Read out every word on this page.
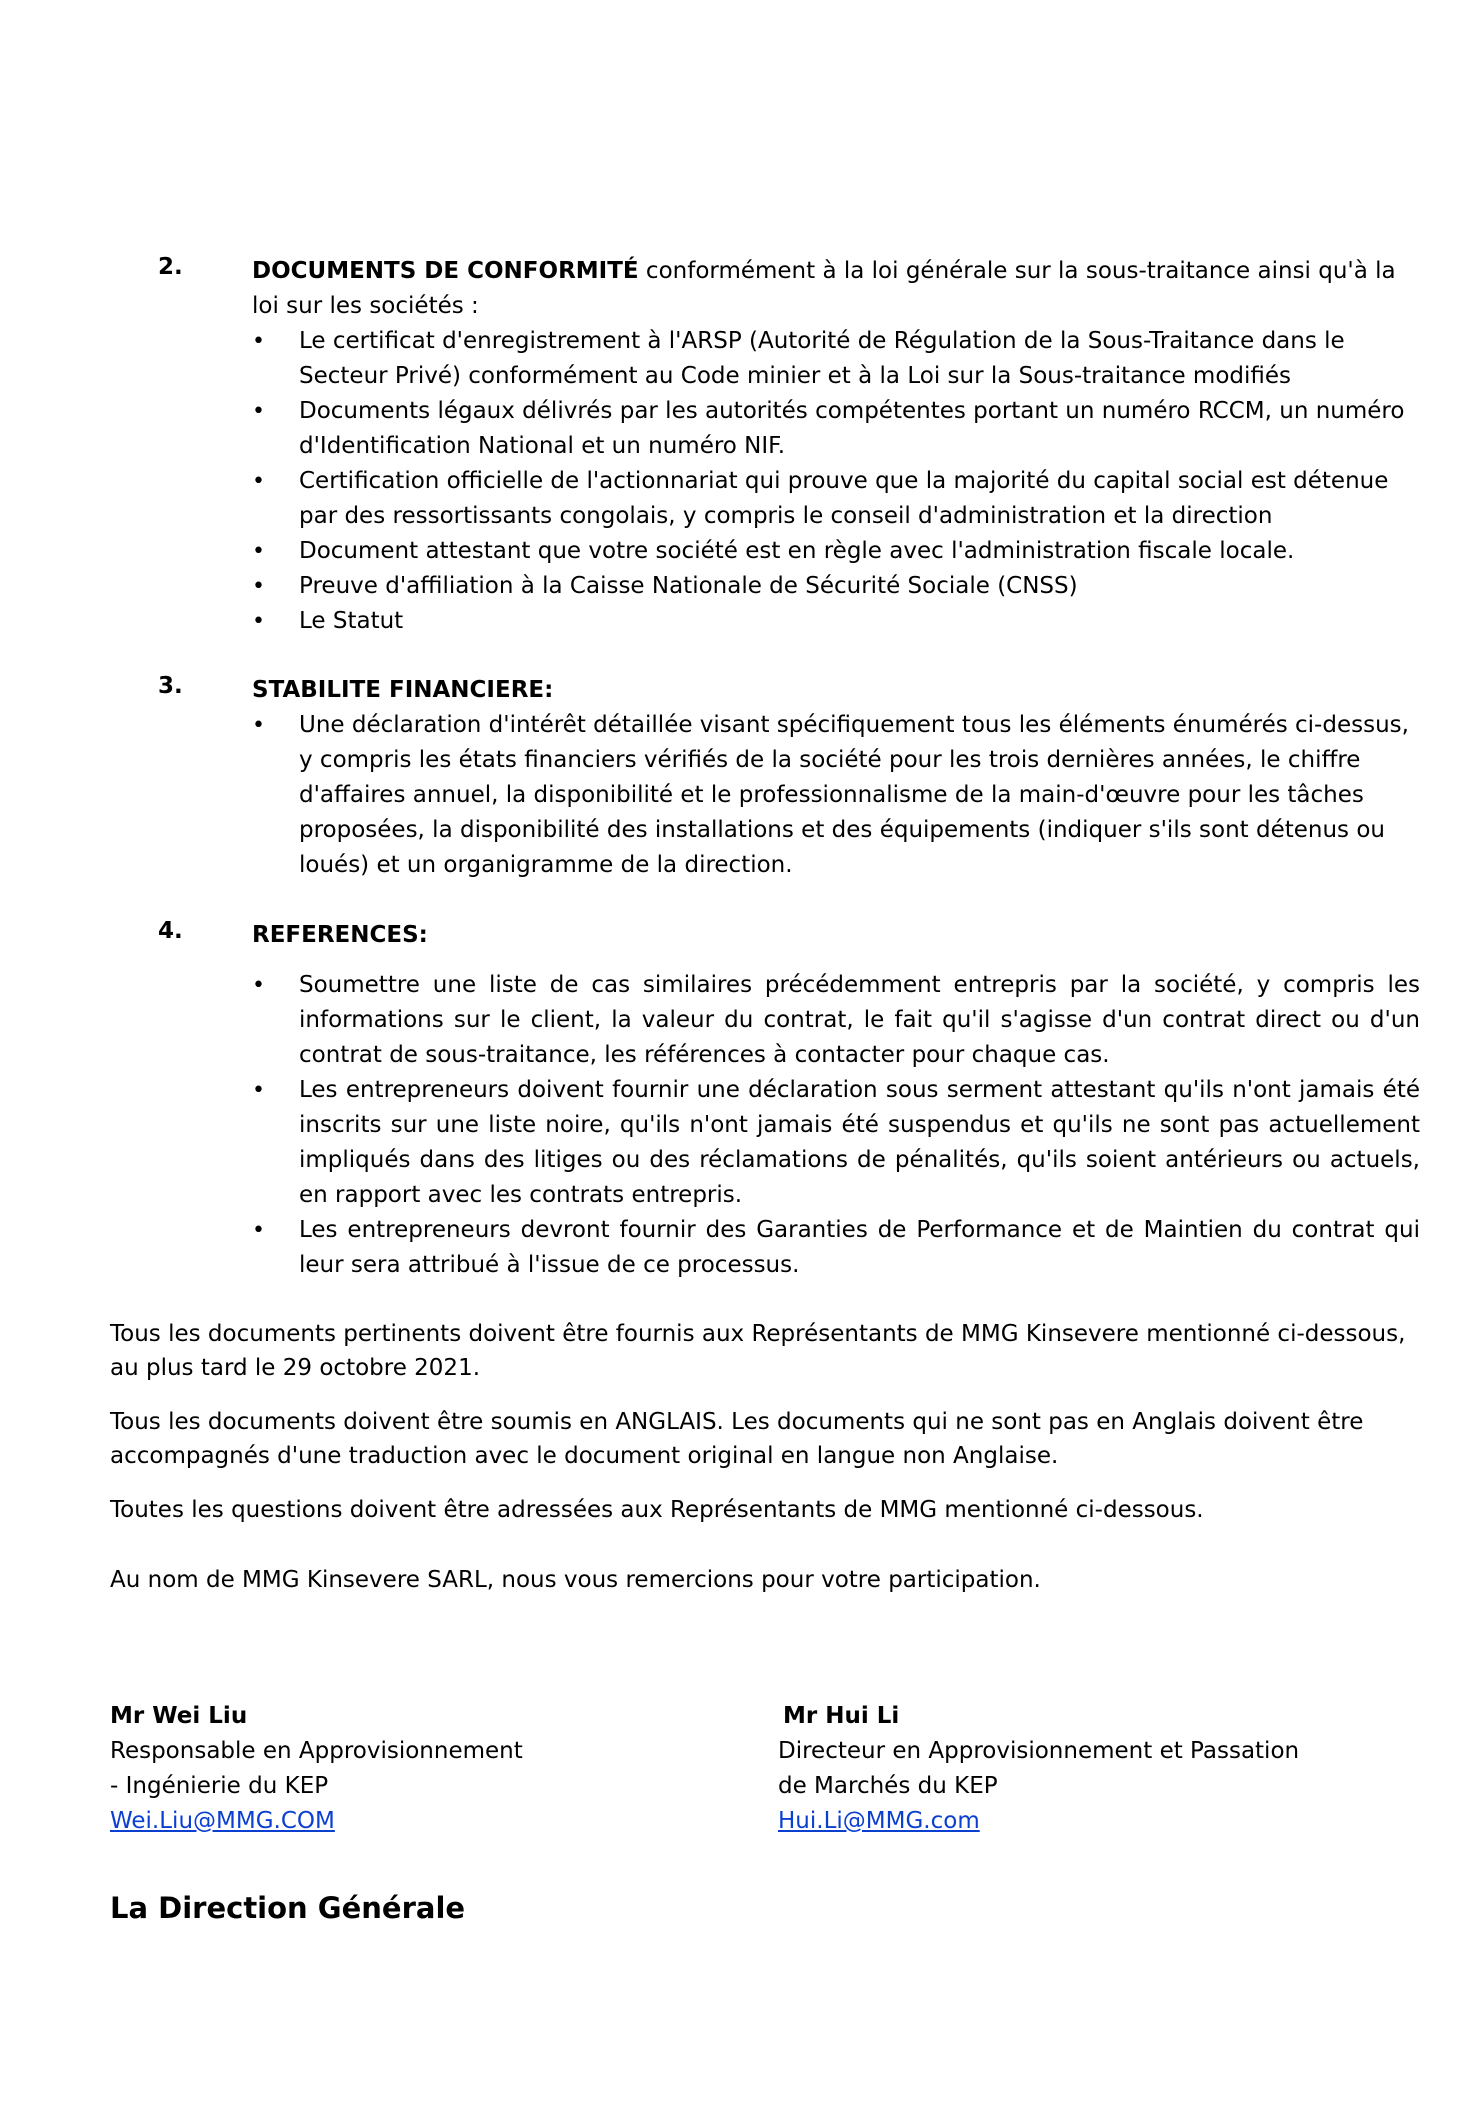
2.	DOCUMENTS DE CONFORMITÉ conformément à la loi générale sur la sous-traitance ainsi qu'à la loi sur les sociétés :
• Le certificat d'enregistrement à l'ARSP (Autorité de Régulation de la Sous-Traitance dans le Secteur Privé) conformément au Code minier et à la Loi sur la Sous-traitance modifiés
• Documents légaux délivrés par les autorités compétentes portant un numéro RCCM, un numéro d'Identification National et un numéro NIF.
• Certification officielle de l'actionnariat qui prouve que la majorité du capital social est détenue par des ressortissants congolais, y compris le conseil d'administration et la direction
• Document attestant que votre société est en règle avec l'administration fiscale locale.
• Preuve d'affiliation à la Caisse Nationale de Sécurité Sociale (CNSS)
• Le Statut
3.	STABILITE FINANCIERE:
• Une déclaration d'intérêt détaillée visant spécifiquement tous les éléments énumérés ci-dessus, y compris les états financiers vérifiés de la société pour les trois dernières années, le chiffre d'affaires annuel, la disponibilité et le professionnalisme de la main-d'œuvre pour les tâches proposées, la disponibilité des installations et des équipements (indiquer s'ils sont détenus ou loués) et un organigramme de la direction.
4.	REFERENCES:
• Soumettre une liste de cas similaires précédemment entrepris par la société, y compris les informations sur le client, la valeur du contrat, le fait qu'il s'agisse d'un contrat direct ou d'un contrat de sous-traitance, les références à contacter pour chaque cas.
• Les entrepreneurs doivent fournir une déclaration sous serment attestant qu'ils n'ont jamais été inscrits sur une liste noire, qu'ils n'ont jamais été suspendus et qu'ils ne sont pas actuellement impliqués dans des litiges ou des réclamations de pénalités, qu'ils soient antérieurs ou actuels, en rapport avec les contrats entrepris.
• Les entrepreneurs devront fournir des Garanties de Performance et de Maintien du contrat qui leur sera attribué à l'issue de ce processus.
Tous les documents pertinents doivent être fournis aux Représentants de MMG Kinsevere mentionné ci-dessous, au plus tard le 29 octobre 2021.
Tous les documents doivent être soumis en ANGLAIS. Les documents qui ne sont pas en Anglais doivent être accompagnés d'une traduction avec le document original en langue non Anglaise.
Toutes les questions doivent être adressées aux Représentants de MMG mentionné ci-dessous.
Au nom de MMG Kinsevere SARL, nous vous remercions pour votre participation.
Mr Wei Liu
Responsable en Approvisionnement
- Ingénierie du KEP
Wei.Liu@MMG.COM
Mr Hui Li
Directeur en Approvisionnement et Passation
de Marchés du KEP
Hui.Li@MMG.com
La Direction Générale
